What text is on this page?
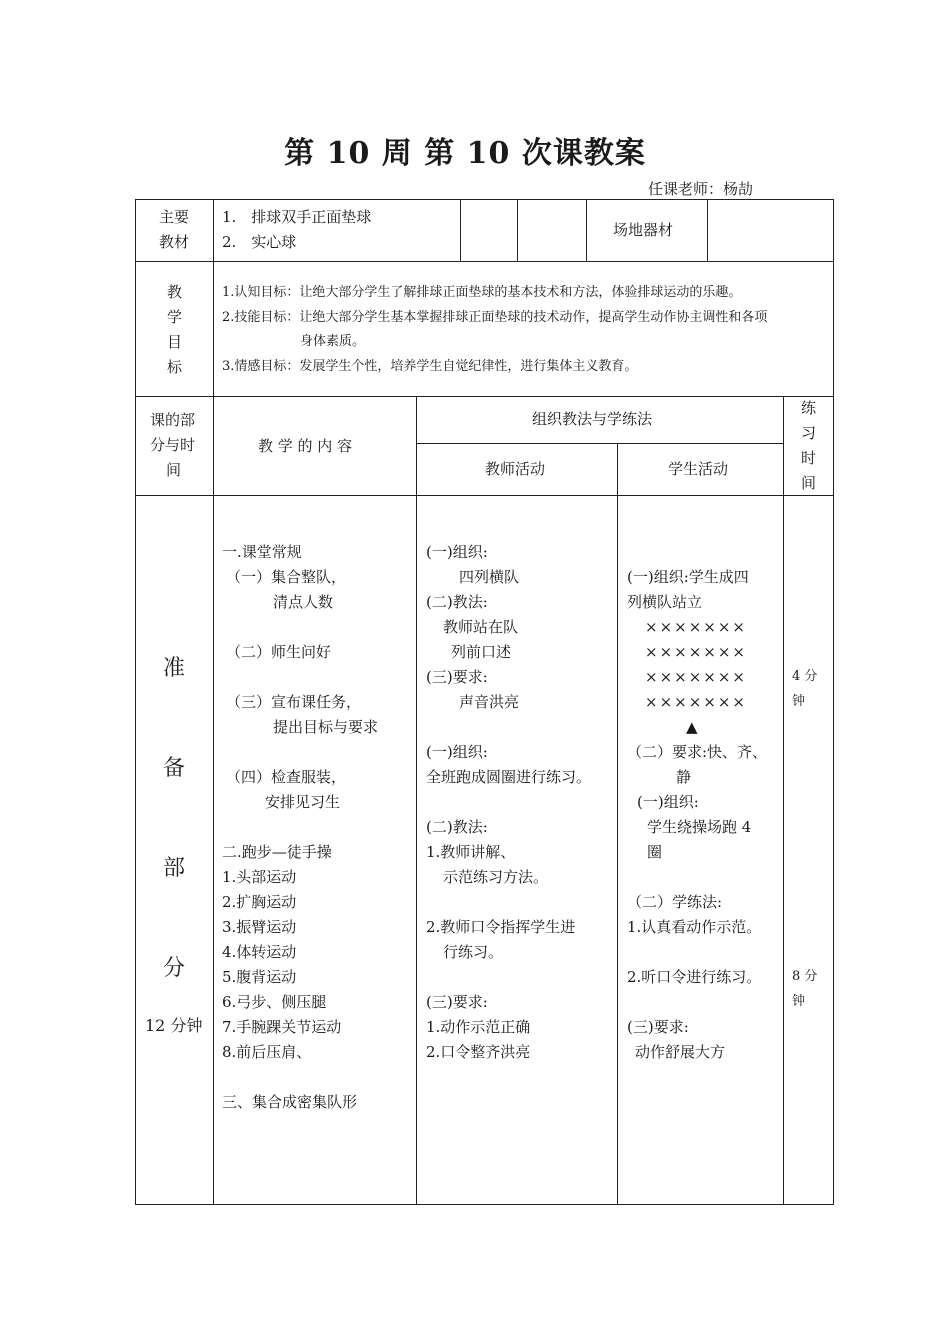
第 10 周 第 10 次课教案
任课老师：杨劼
主要
教材
1.　排球双手正面垫球
2.　实心球
场地器材
教
学
目
标
1.认知目标：让绝大部分学生了解排球正面垫球的基本技术和方法，体验排球运动的乐趣。
2.技能目标：让绝大部分学生基本掌握排球正面垫球的技术动作，提高学生动作协主调性和各项
身体素质。
3.情感目标：发展学生个性，培养学生自觉纪律性，进行集体主义教育。
课的部
分与时
间
教 学 的 内 容
组织教法与学练法
教师活动	学生活动
练
习
时
间
准
备
部
分
12 分钟
一.课堂常规
（一）集合整队，
清点人数
（二）师生问好
（三）宣布课任务，
提出目标与要求
（四）检查服装，
安排见习生
二.跑步—徒手操
1.头部运动
2.扩胸运动
3.振臂运动
4.体转运动
5.腹背运动
6.弓步、侧压腿
7.手腕踝关节运动
8.前后压肩、
三、集合成密集队形
(一)组织:
四列横队
(二)教法:
教师站在队
列前口述
(三)要求:
声音洪亮
(一)组织:
全班跑成圆圈进行练习。
(二)教法:
1.教师讲解、
示范练习方法。
2.教师口令指挥学生进
行练习。
(三)要求:
1.动作示范正确
2.口令整齐洪亮
(一)组织:学生成四
列横队站立
×××××××
×××××××
×××××××
×××××××
▲
（二）要求:快、齐、
静
(一)组织:
学生绕操场跑 4
圈
（二）学练法:
1.认真看动作示范。
2.听口令进行练习。
(三)要求:
动作舒展大方
4 分
钟
8 分
钟
